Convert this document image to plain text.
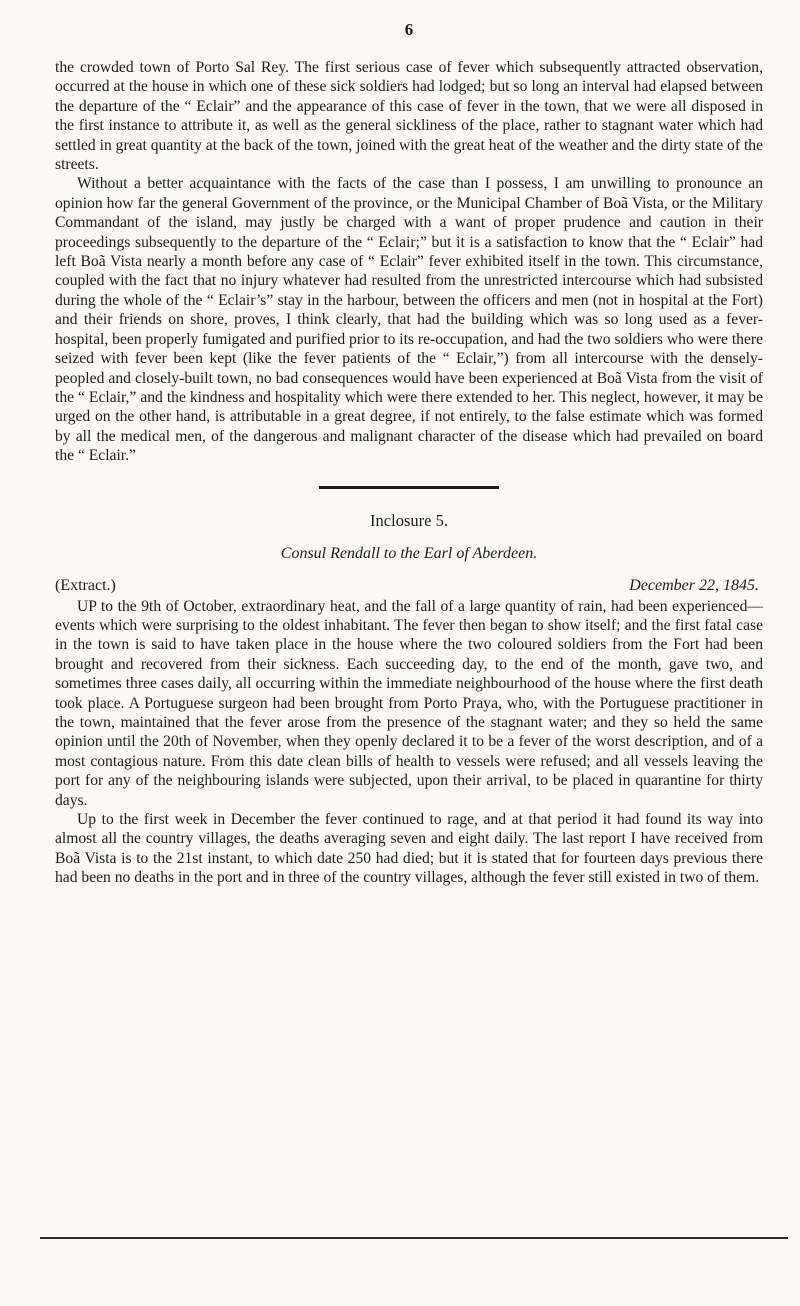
6

the crowded town of Porto Sal Rey. The first serious case of fever which subsequently attracted observation, occurred at the house in which one of these sick soldiers had lodged; but so long an interval had elapsed between the departure of the “ Eclair” and the appearance of this case of fever in the town, that we were all disposed in the first instance to attribute it, as well as the general sickliness of the place, rather to stagnant water which had settled in great quantity at the back of the town, joined with the great heat of the weather and the dirty state of the streets.

Without a better acquaintance with the facts of the case than I possess, I am unwilling to pronounce an opinion how far the general Government of the province, or the Municipal Chamber of Boã Vista, or the Military Commandant of the island, may justly be charged with a want of proper prudence and caution in their proceedings subsequently to the departure of the “ Eclair;” but it is a satisfaction to know that the “ Eclair” had left Boã Vista nearly a month before any case of “ Eclair” fever exhibited itself in the town. This circumstance, coupled with the fact that no injury whatever had resulted from the unrestricted intercourse which had subsisted during the whole of the “ Eclair’s” stay in the harbour, between the officers and men (not in hospital at the Fort) and their friends on shore, proves, I think clearly, that had the building which was so long used as a fever-hospital, been properly fumigated and purified prior to its re-occupation, and had the two soldiers who were there seized with fever been kept (like the fever patients of the “ Eclair,”) from all intercourse with the densely-peopled and closely-built town, no bad consequences would have been experienced at Boã Vista from the visit of the “ Eclair,” and the kindness and hospitality which were there extended to her. This neglect, however, it may be urged on the other hand, is attributable in a great degree, if not entirely, to the false estimate which was formed by all the medical men, of the dangerous and malignant character of the disease which had prevailed on board the “ Eclair.”

Inclosure 5.
Consul Rendall to the Earl of Aberdeen.
(Extract.)	December 22, 1845.

UP to the 9th of October, extraordinary heat, and the fall of a large quantity of rain, had been experienced—events which were surprising to the oldest inhabitant. The fever then began to show itself; and the first fatal case in the town is said to have taken place in the house where the two coloured soldiers from the Fort had been brought and recovered from their sickness. Each succeeding day, to the end of the month, gave two, and sometimes three cases daily, all occurring within the immediate neighbourhood of the house where the first death took place. A Portuguese surgeon had been brought from Porto Praya, who, with the Portuguese practitioner in the town, maintained that the fever arose from the presence of the stagnant water; and they so held the same opinion until the 20th of November, when they openly declared it to be a fever of the worst description, and of a most contagious nature. From this date clean bills of health to vessels were refused; and all vessels leaving the port for any of the neighbouring islands were subjected, upon their arrival, to be placed in quarantine for thirty days.

Up to the first week in December the fever continued to rage, and at that period it had found its way into almost all the country villages, the deaths averaging seven and eight daily. The last report I have received from Boã Vista is to the 21st instant, to which date 250 had died; but it is stated that for fourteen days previous there had been no deaths in the port and in three of the country villages, although the fever still existed in two of them.
